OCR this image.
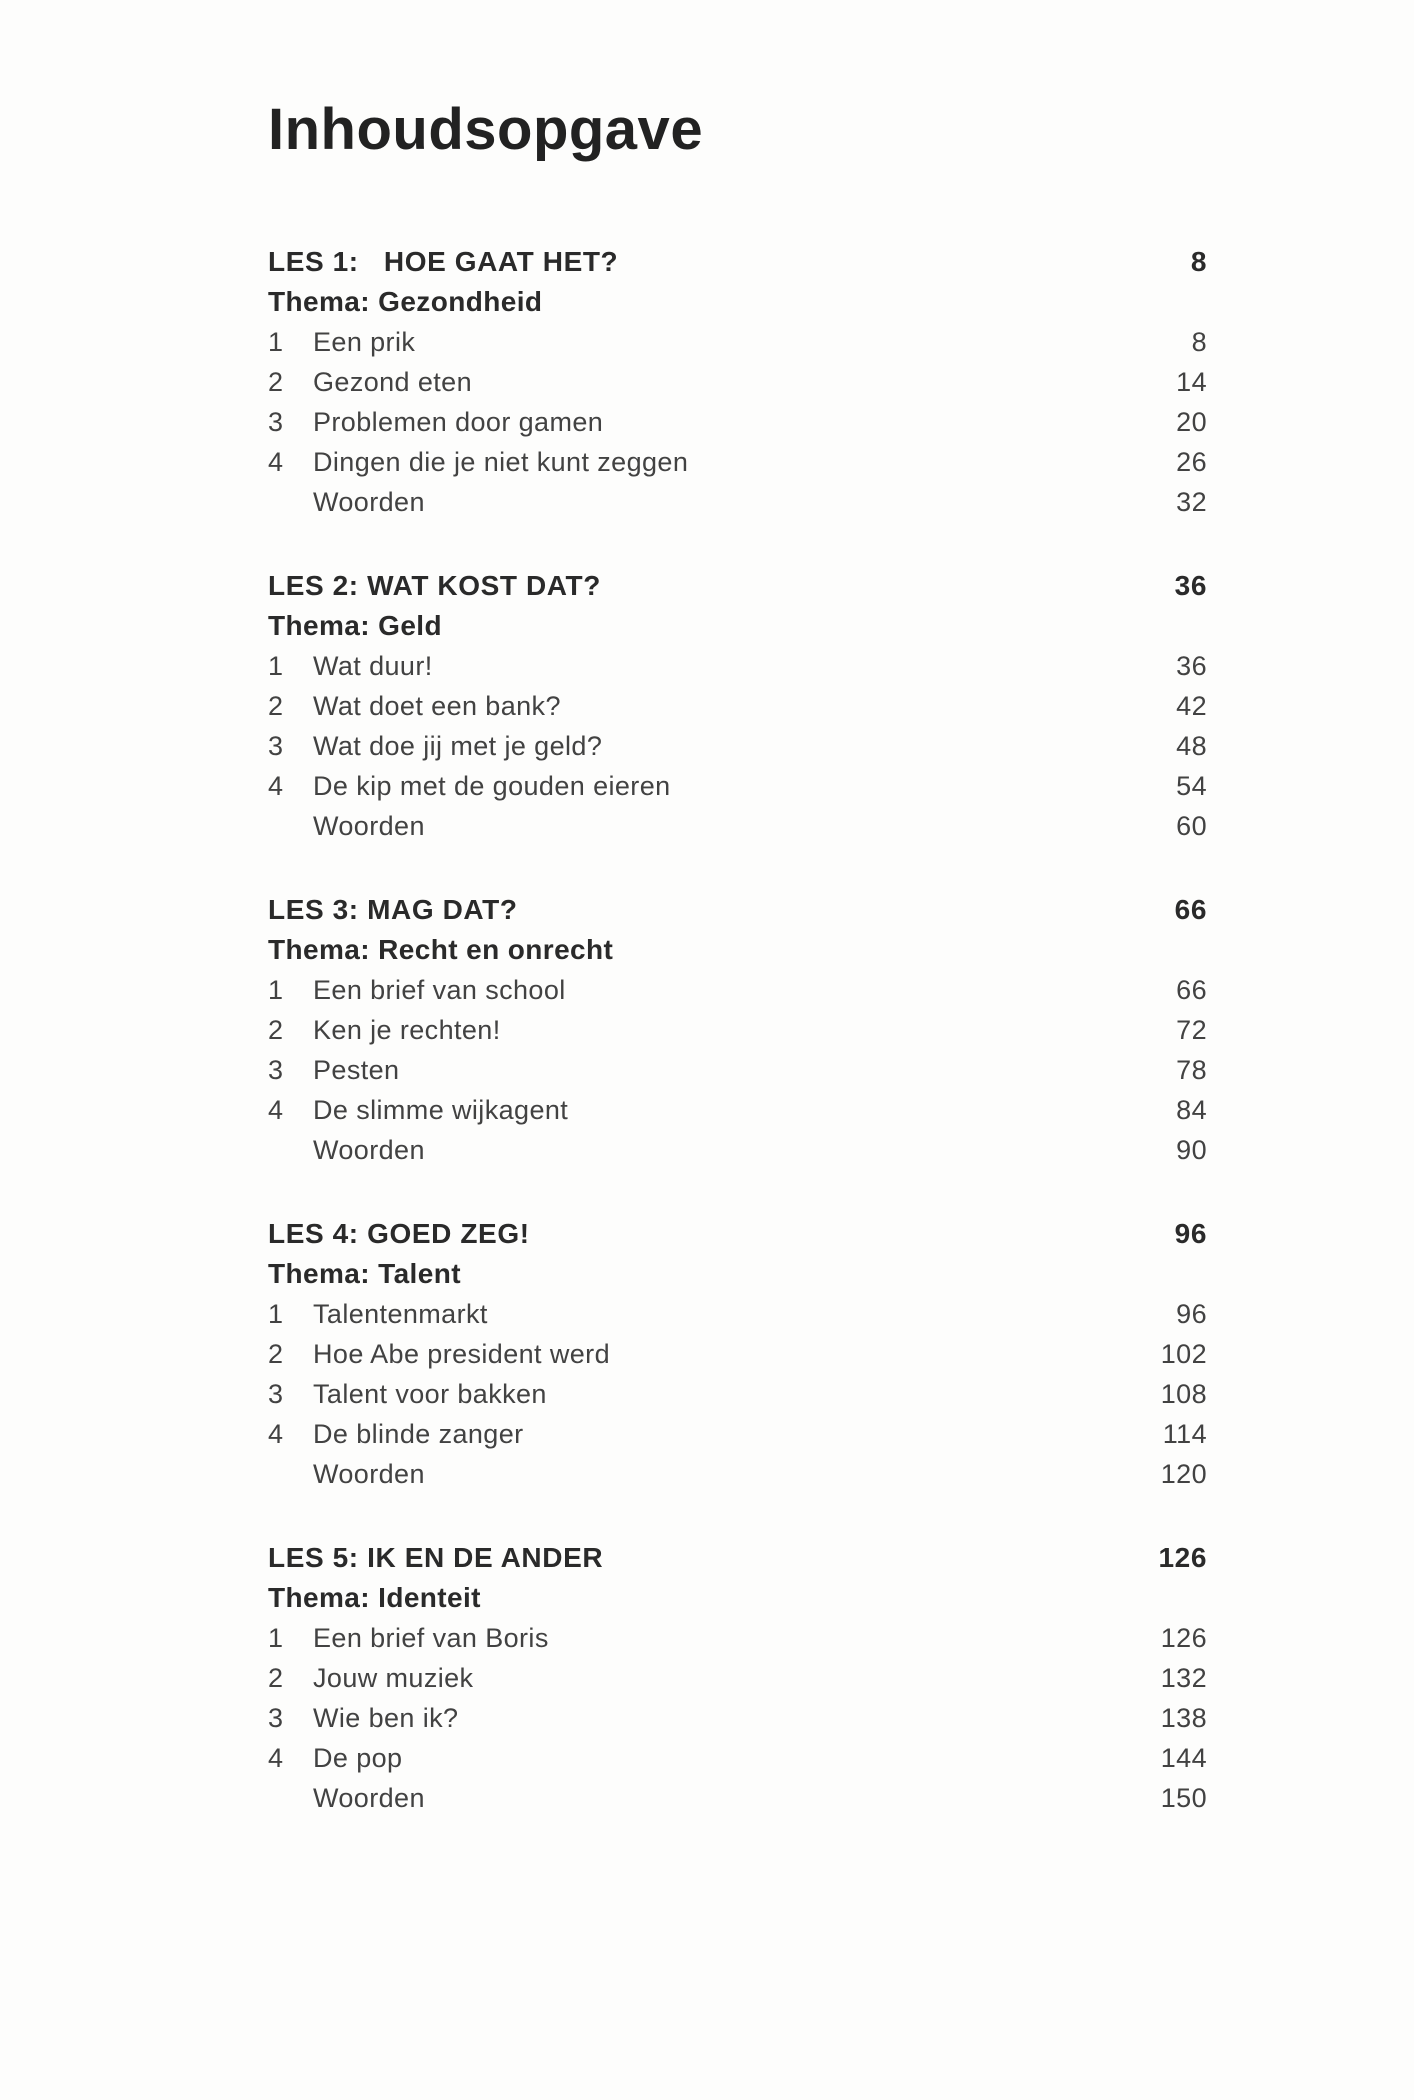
Inhoudsopgave
LES 1:   HOE GAAT HET?	8
Thema: Gezondheid
1	Een prik	8
2	Gezond eten	14
3	Problemen door gamen	20
4	Dingen die je niet kunt zeggen	26
Woorden	32
LES 2: WAT KOST DAT?	36
Thema: Geld
1	Wat duur!	36
2	Wat doet een bank?	42
3	Wat doe jij met je geld?	48
4	De kip met de gouden eieren	54
Woorden	60
LES 3: MAG DAT?	66
Thema: Recht en onrecht
1	Een brief van school	66
2	Ken je rechten!	72
3	Pesten	78
4	De slimme wijkagent	84
Woorden	90
LES 4: GOED ZEG!	96
Thema: Talent
1	Talentenmarkt	96
2	Hoe Abe president werd	102
3	Talent voor bakken	108
4	De blinde zanger	114
Woorden	120
LES 5: IK EN DE ANDER	126
Thema: Identeit
1	Een brief van Boris	126
2	Jouw muziek	132
3	Wie ben ik?	138
4	De pop	144
Woorden	150
